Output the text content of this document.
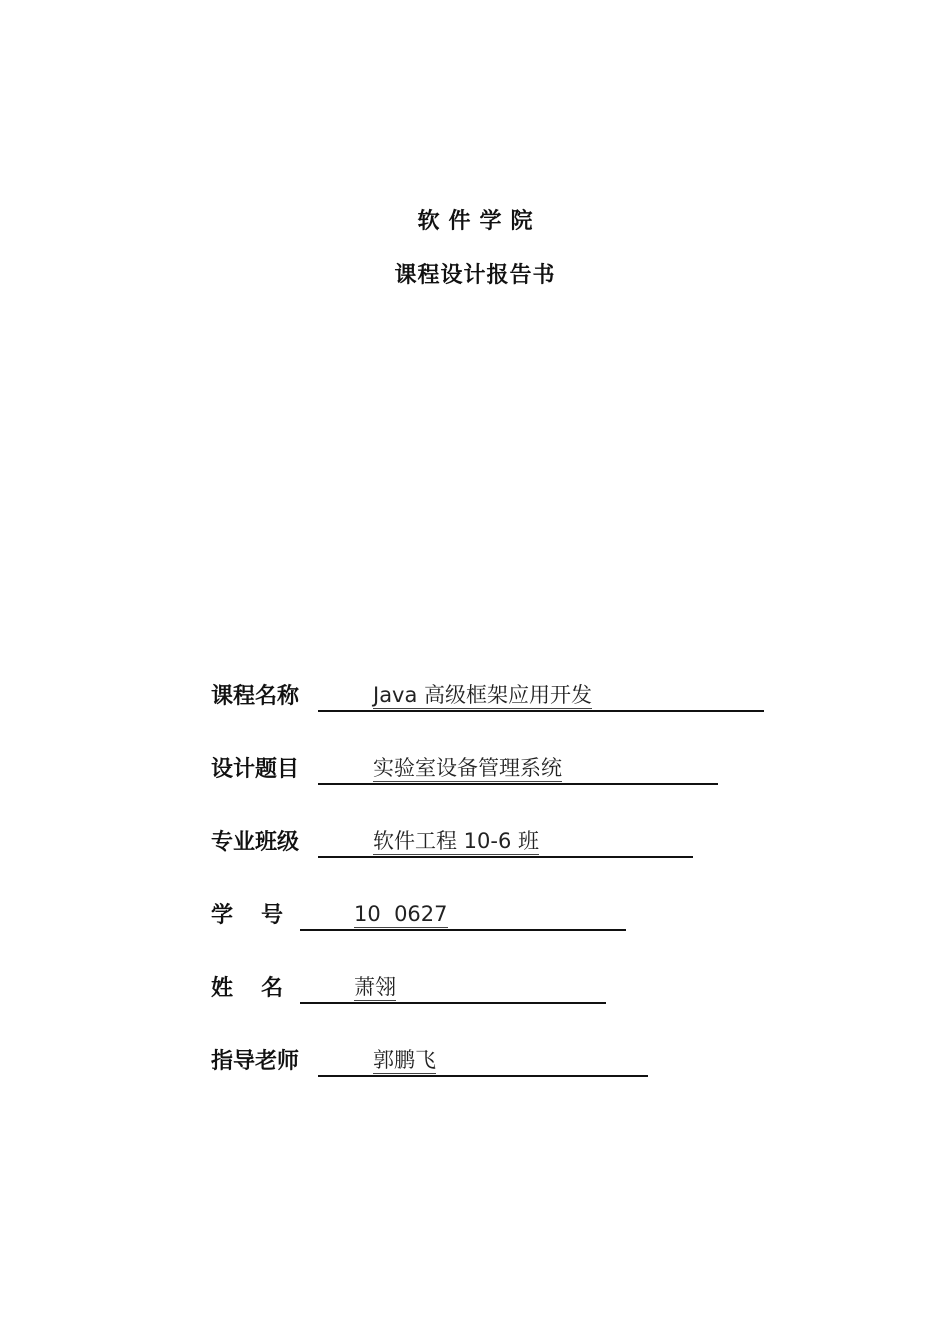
软件学院
课程设计报告书
课程名称	Java 高级框架应用开发
设计题目	实验室设备管理系统
专业班级	软件工程 10-6 班
学号 10  0627
姓名 萧翎
指导老师	郭鹏飞
